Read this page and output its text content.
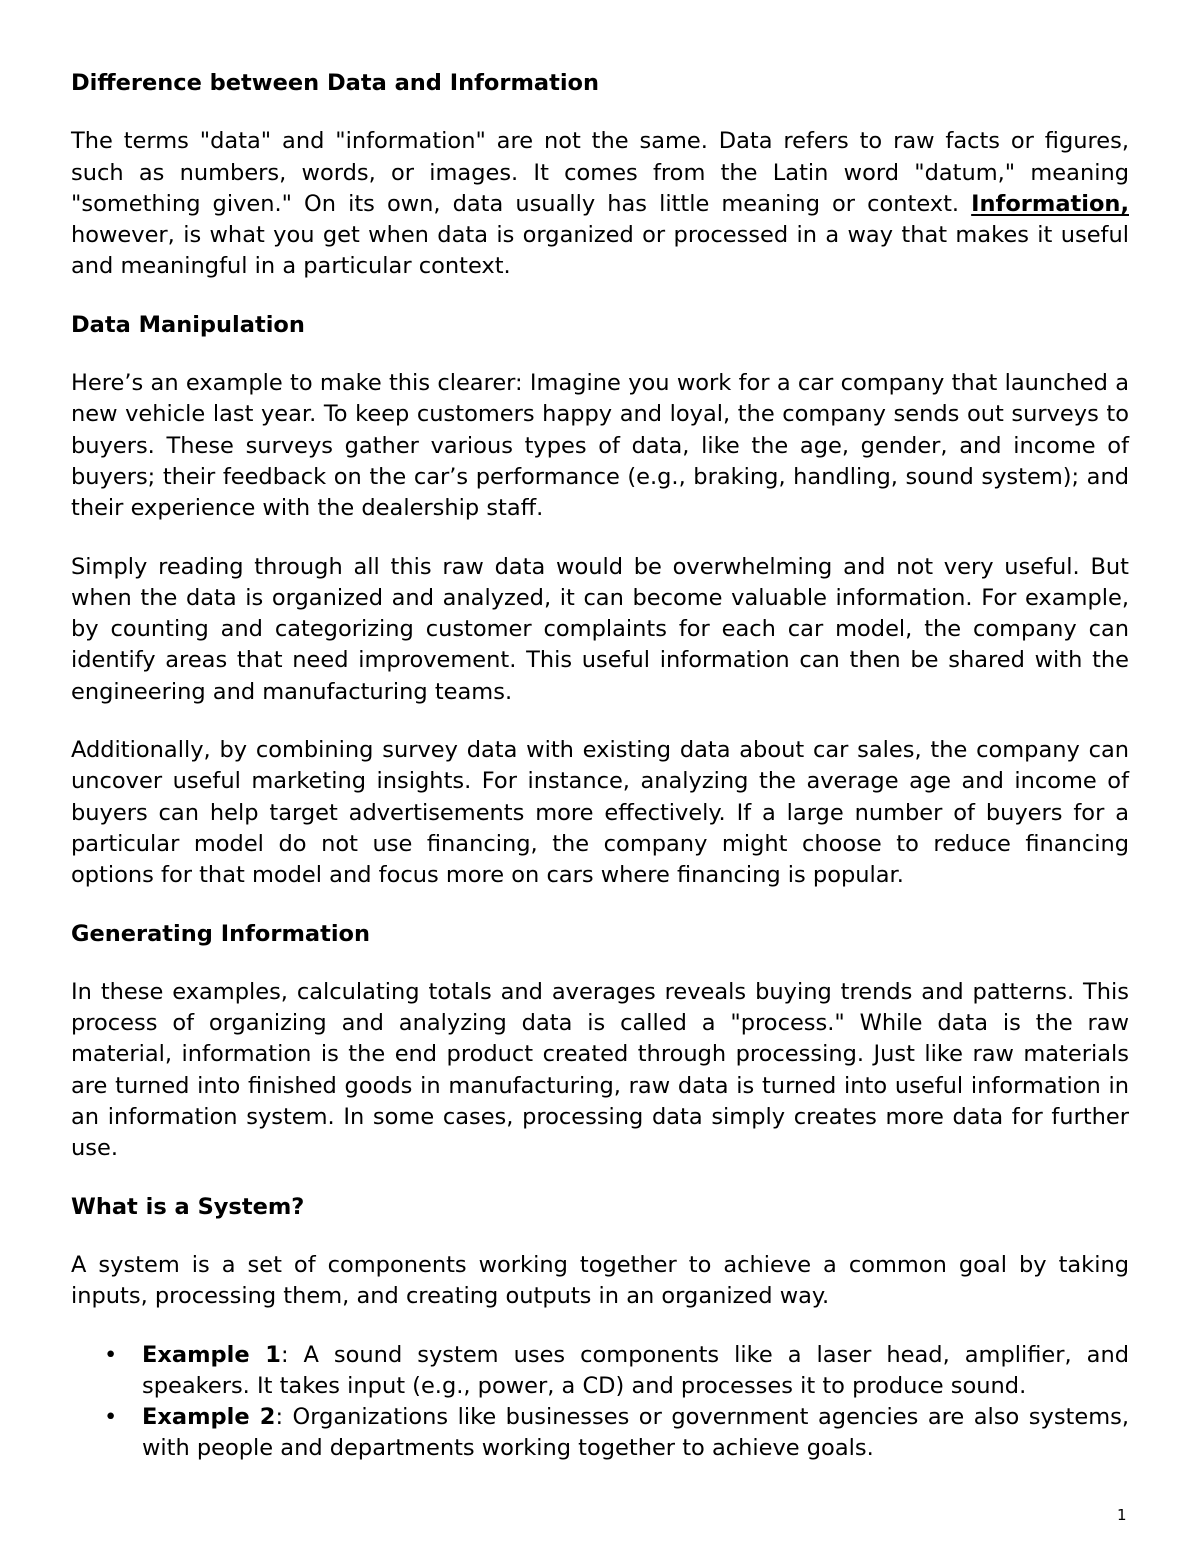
Difference between Data and Information

The terms "data" and "information" are not the same. Data refers to raw facts or figures, such as numbers, words, or images. It comes from the Latin word "datum," meaning "something given." On its own, data usually has little meaning or context. Information, however, is what you get when data is organized or processed in a way that makes it useful and meaningful in a particular context.

Data Manipulation

Here’s an example to make this clearer: Imagine you work for a car company that launched a new vehicle last year. To keep customers happy and loyal, the company sends out surveys to buyers. These surveys gather various types of data, like the age, gender, and income of buyers; their feedback on the car’s performance (e.g., braking, handling, sound system); and their experience with the dealership staff.

Simply reading through all this raw data would be overwhelming and not very useful. But when the data is organized and analyzed, it can become valuable information. For example, by counting and categorizing customer complaints for each car model, the company can identify areas that need improvement. This useful information can then be shared with the engineering and manufacturing teams.

Additionally, by combining survey data with existing data about car sales, the company can uncover useful marketing insights. For instance, analyzing the average age and income of buyers can help target advertisements more effectively. If a large number of buyers for a particular model do not use financing, the company might choose to reduce financing options for that model and focus more on cars where financing is popular.

Generating Information

In these examples, calculating totals and averages reveals buying trends and patterns. This process of organizing and analyzing data is called a "process." While data is the raw material, information is the end product created through processing. Just like raw materials are turned into finished goods in manufacturing, raw data is turned into useful information in an information system. In some cases, processing data simply creates more data for further use.

What is a System?

A system is a set of components working together to achieve a common goal by taking inputs, processing them, and creating outputs in an organized way.

• Example 1: A sound system uses components like a laser head, amplifier, and speakers. It takes input (e.g., power, a CD) and processes it to produce sound.
• Example 2: Organizations like businesses or government agencies are also systems, with people and departments working together to achieve goals.
1
